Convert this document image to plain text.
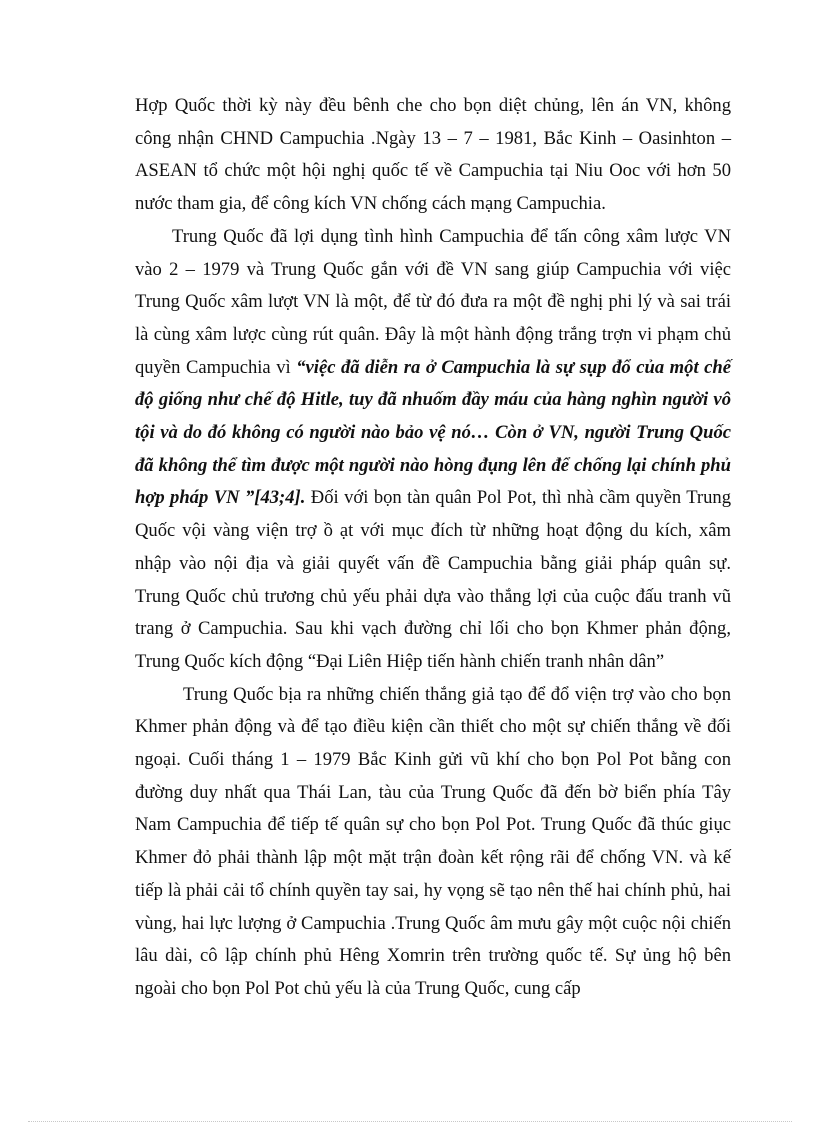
Hợp Quốc thời kỳ này đều bênh che cho bọn diệt chủng, lên án VN, không công nhận CHND Campuchia .Ngày 13 – 7 – 1981, Bắc Kinh – Oasinhton – ASEAN tổ chức một hội nghị quốc tế về Campuchia tại Niu Ooc với hơn 50 nước tham gia, để công kích VN chống cách mạng Campuchia.

Trung Quốc đã lợi dụng tình hình Campuchia để tấn công xâm lược VN vào 2 – 1979 và Trung Quốc gắn với đề VN sang giúp Campuchia với việc Trung Quốc xâm lượt VN là một, để từ đó đưa ra một đề nghị phi lý và sai trái là cùng xâm lược cùng rút quân. Đây là một hành động trắng trợn vi phạm chủ quyền Campuchia vì “việc đã diễn ra ở Campuchia là sự sụp đổ của một chế độ giống như chế độ Hitle, tuy đã nhuốm đầy máu của hàng nghìn người vô tội và do đó không có người nào bảo vệ nó… Còn ở VN, người Trung Quốc đã không thể tìm được một người nào hòng đụng lên để chống lại chính phủ hợp pháp VN ”[43;4]. Đối với bọn tàn quân Pol Pot, thì nhà cầm quyền Trung Quốc vội vàng viện trợ ồ ạt với mục đích từ những hoạt động du kích, xâm nhập vào nội địa và giải quyết vấn đề Campuchia bằng giải pháp quân sự. Trung Quốc chủ trương chủ yếu phải dựa vào thắng lợi của cuộc đấu tranh vũ trang ở Campuchia. Sau khi vạch đường chỉ lối cho bọn Khmer phản động, Trung Quốc kích động “Đại Liên Hiệp tiến hành chiến tranh nhân dân”

Trung Quốc bịa ra những chiến thắng giả tạo để đổ viện trợ vào cho bọn Khmer phản động và để tạo điều kiện cần thiết cho một sự chiến thắng về đối ngoại. Cuối tháng 1 – 1979 Bắc Kinh gửi vũ khí cho bọn Pol Pot bằng con đường duy nhất qua Thái Lan, tàu của Trung Quốc đã đến bờ biển phía Tây Nam Campuchia để tiếp tế quân sự cho bọn Pol Pot. Trung Quốc đã thúc giục Khmer đỏ phải thành lập một mặt trận đoàn kết rộng rãi để chống VN. và kế tiếp là phải cải tổ chính quyền tay sai, hy vọng sẽ tạo nên thế hai chính phủ, hai vùng, hai lực lượng ở Campuchia .Trung Quốc âm mưu gây một cuộc nội chiến lâu dài, cô lập chính phủ Hêng Xomrin trên trường quốc tế. Sự ủng hộ bên ngoài cho bọn Pol Pot chủ yếu là của Trung Quốc, cung cấp
